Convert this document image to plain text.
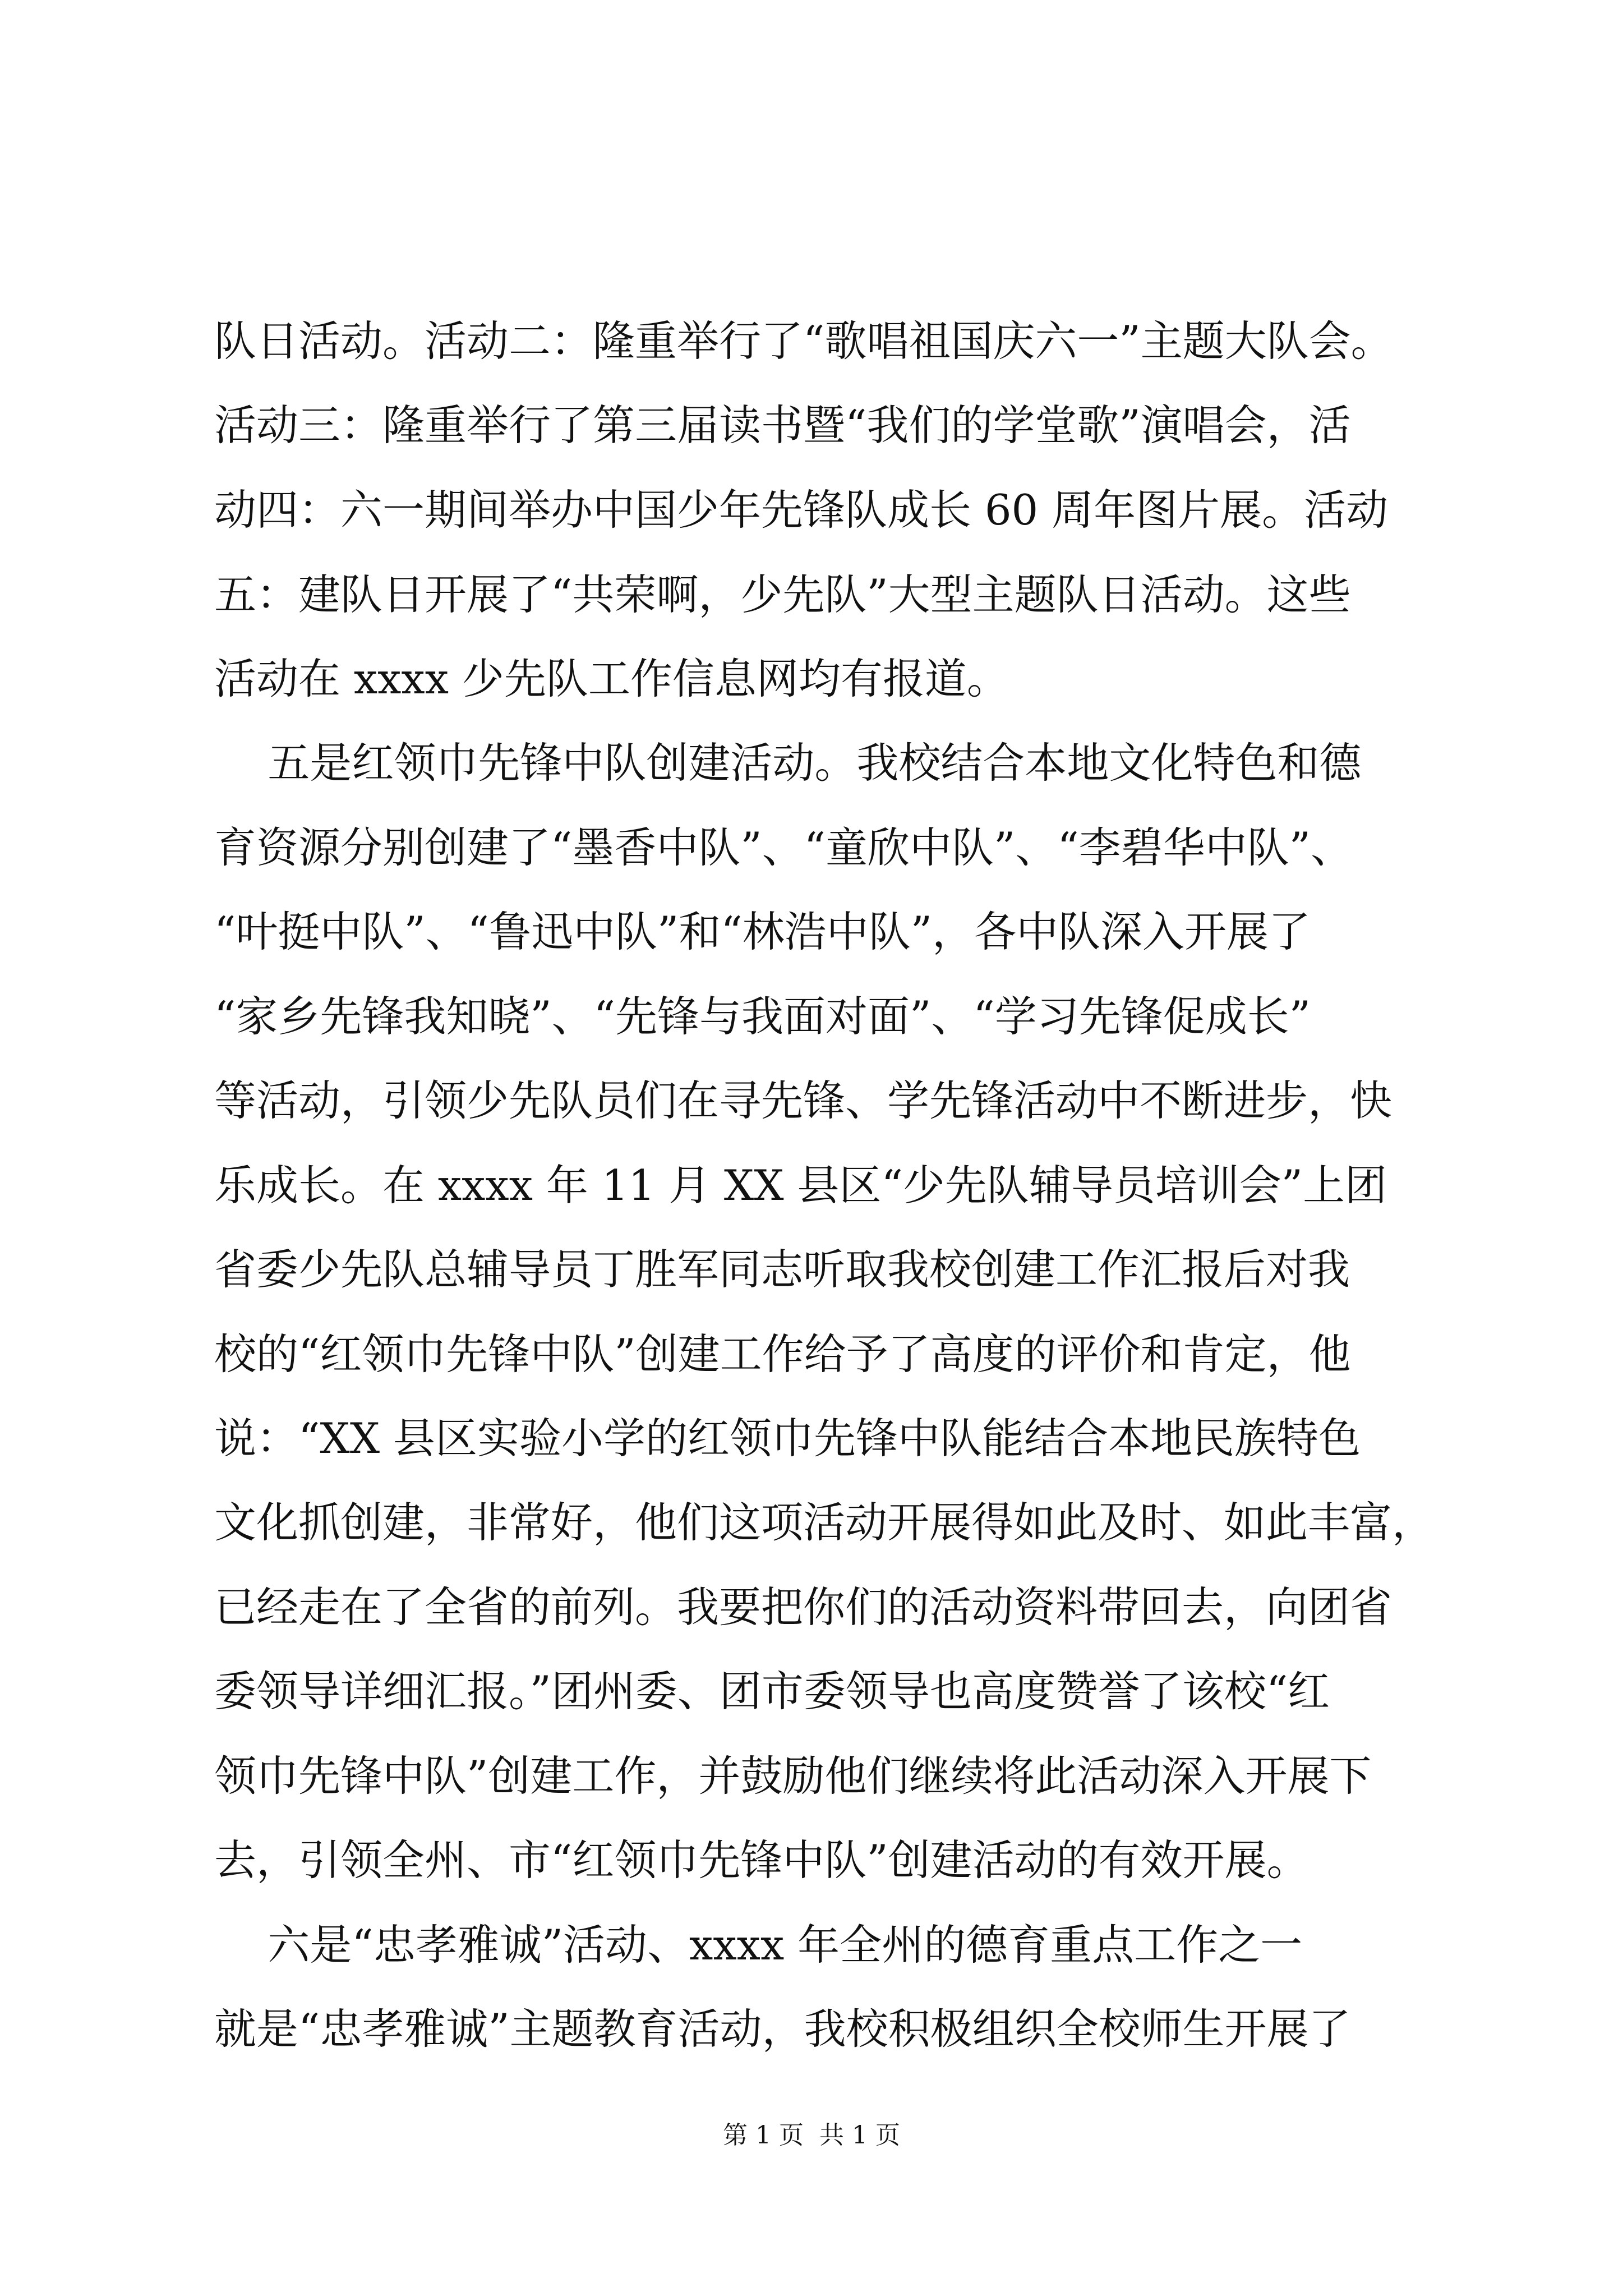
队日活动。活动二：隆重举行了“歌唱祖国庆六一”主题大队会。
活动三：隆重举行了第三届读书暨“我们的学堂歌”演唱会，活
动四：六一期间举办中国少年先锋队成长 60 周年图片展。活动
五：建队日开展了“共荣啊，少先队”大型主题队日活动。这些
活动在 xxxx 少先队工作信息网均有报道。
五是红领巾先锋中队创建活动。我校结合本地文化特色和德
育资源分别创建了“墨香中队”、“童欣中队”、“李碧华中队”、
“叶挺中队”、“鲁迅中队”和“林浩中队”，各中队深入开展了
“家乡先锋我知晓”、“先锋与我面对面”、“学习先锋促成长”
等活动，引领少先队员们在寻先锋、学先锋活动中不断进步，快
乐成长。在 xxxx 年 11 月 XX 县区“少先队辅导员培训会”上团
省委少先队总辅导员丁胜军同志听取我校创建工作汇报后对我
校的“红领巾先锋中队”创建工作给予了高度的评价和肯定，他
说：“XX 县区实验小学的红领巾先锋中队能结合本地民族特色
文化抓创建，非常好，他们这项活动开展得如此及时、如此丰富，
已经走在了全省的前列。我要把你们的活动资料带回去，向团省
委领导详细汇报。”团州委、团市委领导也高度赞誉了该校“红
领巾先锋中队”创建工作，并鼓励他们继续将此活动深入开展下
去，引领全州、市“红领巾先锋中队”创建活动的有效开展。
六是“忠孝雅诚”活动、xxxx 年全州的德育重点工作之一
就是“忠孝雅诚”主题教育活动，我校积极组织全校师生开展了
第 1 页  共 1 页
